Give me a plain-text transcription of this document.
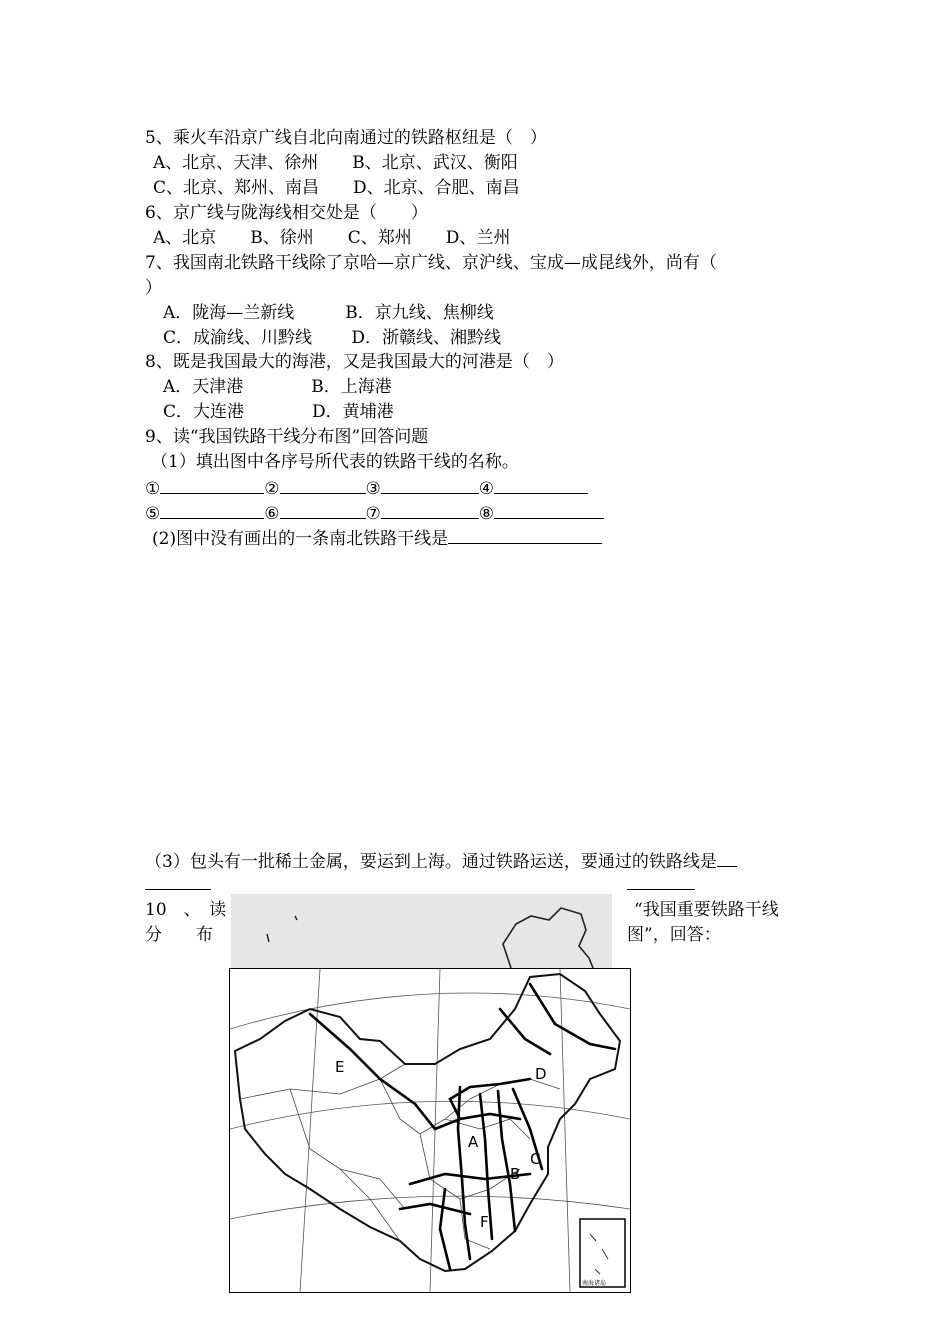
5、乘火车沿京广线自北向南通过的铁路枢纽是（　）
A、北京、天津、徐州　　B、北京、武汉、衡阳
C、北京、郑州、南昌　　D、北京、合肥、南昌
6、京广线与陇海线相交处是（　　）
A、北京　　B、徐州　　C、郑州　　D、兰州
7、我国南北铁路干线除了京哈—京广线、京沪线、宝成—成昆线外，尚有（
）
A．陇海—兰新线　　　B．京九线、焦柳线
C．成渝线、川黔线　　 D．浙赣线、湘黔线
8、既是我国最大的海港，又是我国最大的河港是（　）
A．天津港　　　　B．上海港
C．大连港　　　　D．黄埔港
9、读“我国铁路干线分布图”回答问题
（1）填出图中各序号所代表的铁路干线的名称。
①	②	③	④
⑤	⑥	⑦	⑧
(2)图中没有画出的一条南北铁路干线是
（3）包头有一批稀土金属，要运到上海。通过铁路运送，要通过的铁路线是
10　、　读
分　　布
“我国重要铁路干线
图”，回答：
E	D
A
B
C
F
南海诸岛
